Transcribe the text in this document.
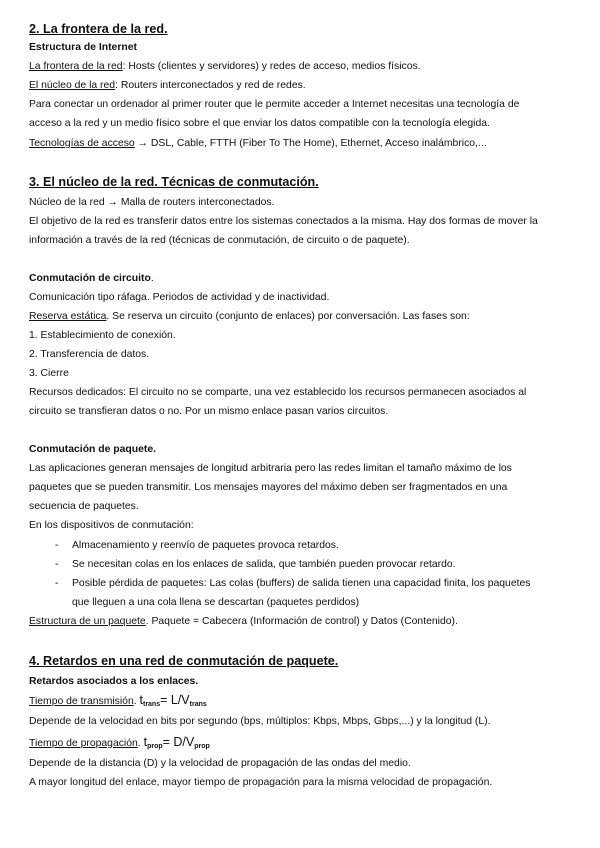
2. La frontera de la red.
Estructura de Internet
La frontera de la red: Hosts (clientes y servidores) y redes de acceso, medios físicos.
El núcleo de la red: Routers interconectados y red de redes.
Para conectar un ordenador al primer router que le permite acceder a Internet necesitas una tecnología de
acceso a la red y un medio físico sobre el que enviar los datos compatible con la tecnología elegida.
Tecnologías de acceso → DSL, Cable, FTTH (Fiber To The Home), Ethernet, Acceso inalámbrico,...
3. El núcleo de la red. Técnicas de conmutación.
Núcleo de la red → Malla de routers interconectados.
El objetivo de la red es transferir datos entre los sistemas conectados a la misma. Hay dos formas de mover la
información a través de la red (técnicas de conmutación, de circuito o de paquete).
Conmutación de circuito.
Comunicación tipo ráfaga. Periodos de actividad y de inactividad.
Reserva estática. Se reserva un circuito (conjunto de enlaces) por conversación. Las fases son:
1. Establecimiento de conexión.
2. Transferencia de datos.
3. Cierre
Recursos dedicados: El circuito no se comparte, una vez establecido los recursos permanecen asociados al
circuito se transfieran datos o no. Por un mismo enlace pasan varios circuitos.
Conmutación de paquete.
Las aplicaciones generan mensajes de longitud arbitraria pero las redes limitan el tamaño máximo de los
paquetes que se pueden transmitir. Los mensajes mayores del máximo deben ser fragmentados en una
secuencia de paquetes.
En los dispositivos de conmutación:
- Almacenamiento y reenvío de paquetes provoca retardos.
- Se necesitan colas en los enlaces de salida, que también pueden provocar retardo.
- Posible pérdida de paquetes: Las colas (buffers) de salida tienen una capacidad finita, los paquetes
que lleguen a una cola llena se descartan (paquetes perdidos)
Estructura de un paquete. Paquete = Cabecera (Información de control) y Datos (Contenido).
4. Retardos en una red de conmutación de paquete.
Retardos asociados a los enlaces.
Tiempo de transmisión. $t_{trans}= L/V_{trans}$
Depende de la velocidad en bits por segundo (bps, múltiplos: Kbps, Mbps, Gbps,...) y la longitud (L).
Tiempo de propagación. $t_{prop}= D/V_{prop}$
Depende de la distancia (D) y la velocidad de propagación de las ondas del medio.
A mayor longitud del enlace, mayor tiempo de propagación para la misma velocidad de propagación.
